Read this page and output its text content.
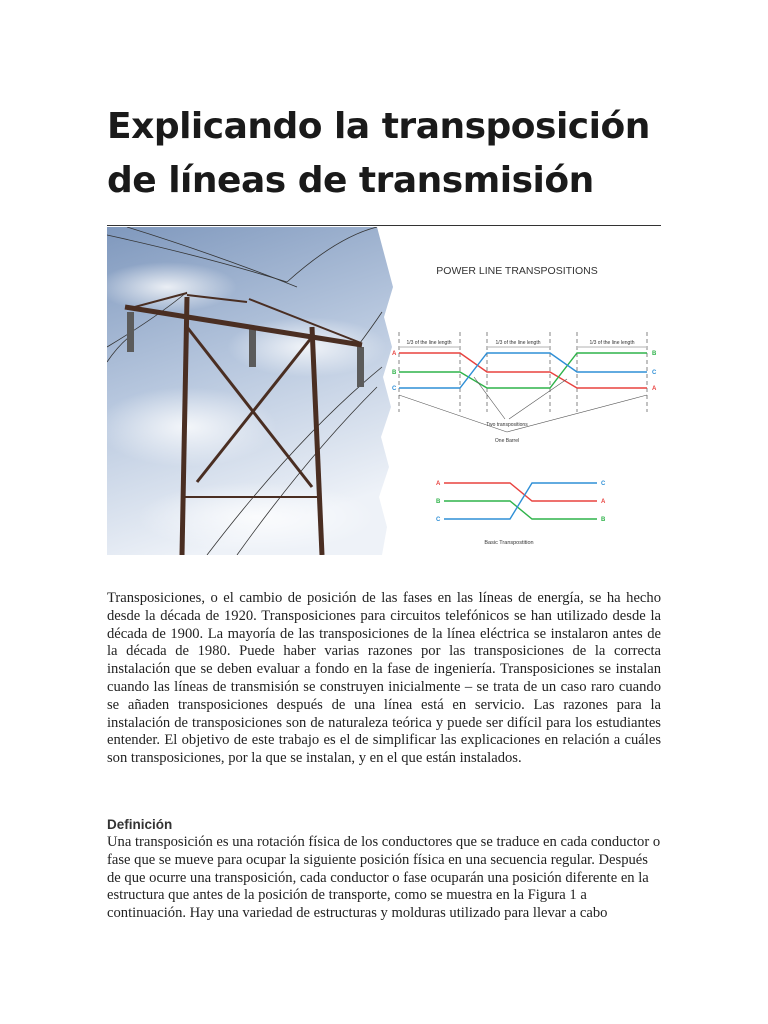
Explicando la transposición de líneas de transmisión
POWER LINE TRANSPOSITIONS
1/3 of the line length	1/3 of the line length	1/3 of the line length
A
B
C
B
C
A
Two transpositions
One Barrel
A
B
C
C
A
B
Basic Transpostition

Transposiciones, o el cambio de posición de las fases en las líneas de energía, se ha hecho desde la década de 1920. Transposiciones para circuitos telefónicos se han utilizado desde la década de 1900. La mayoría de las transposiciones de la línea eléctrica se instalaron antes de la década de 1980. Puede haber varias razones por las transposiciones de la correcta instalación que se deben evaluar a fondo en la fase de ingeniería. Transposiciones se instalan cuando las líneas de transmisión se construyen inicialmente – se trata de un caso raro cuando se añaden transposiciones después de una línea está en servicio. Las razones para la instalación de transposiciones son de naturaleza teórica y puede ser difícil para los estudiantes entender. El objetivo de este trabajo es el de simplificar las explicaciones en relación a cuáles son transposiciones, por la que se instalan, y en el que están instalados.

Definición

Una transposición es una rotación física de los conductores que se traduce en cada conductor o fase que se mueve para ocupar la siguiente posición física en una secuencia regular. Después de que ocurre una transposición, cada conductor o fase ocuparán una posición diferente en la estructura que antes de la posición de transporte, como se muestra en la Figura 1 a continuación. Hay una variedad de estructuras y molduras utilizado para llevar a cabo
